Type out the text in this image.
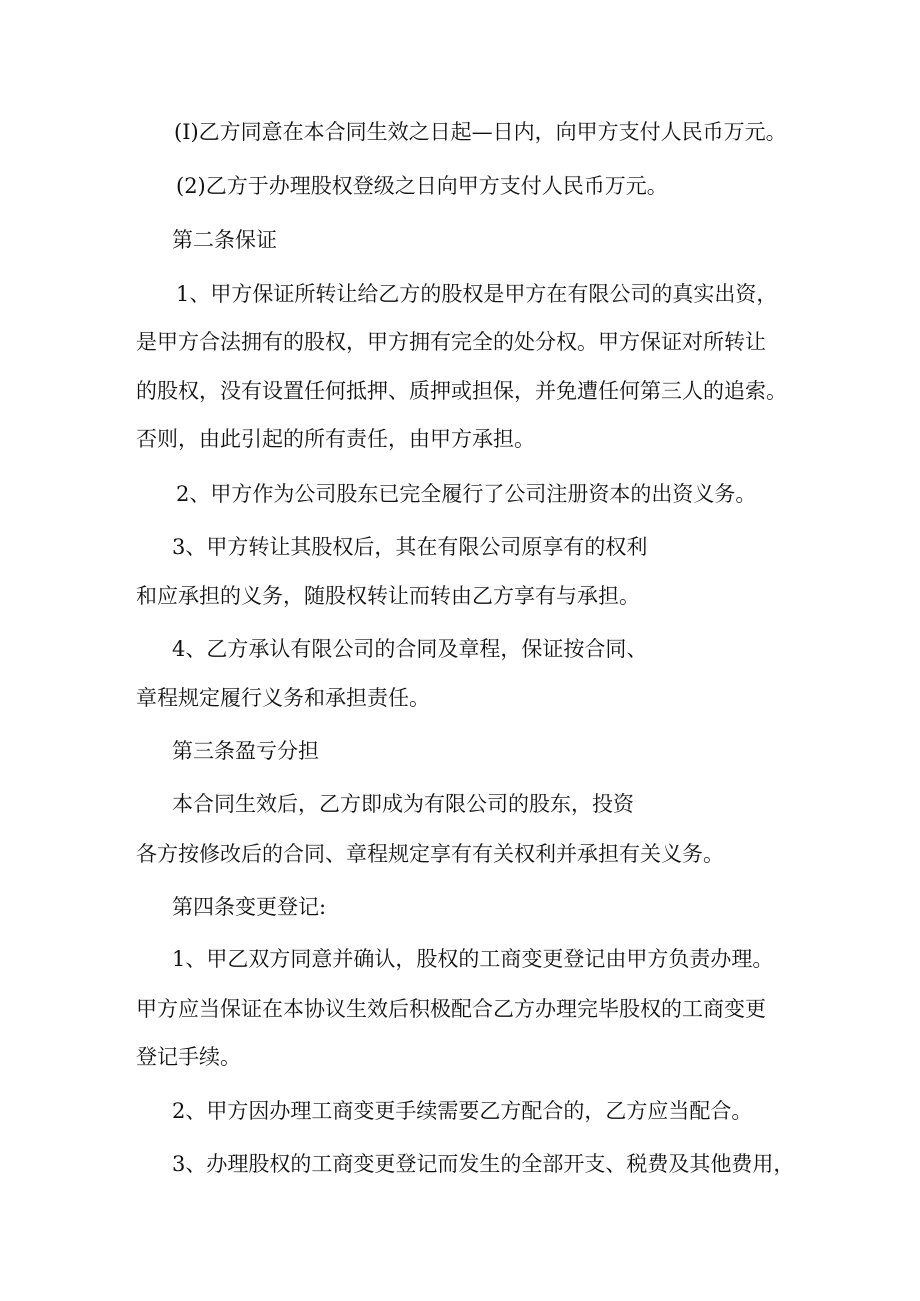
(I)乙方同意在本合同生效之日起—日内，向甲方支付人民币万元。
(2)乙方于办理股权登级之日向甲方支付人民币万元。
第二条保证
1、甲方保证所转让给乙方的股权是甲方在有限公司的真实出资，
是甲方合法拥有的股权，甲方拥有完全的处分权。甲方保证对所转让
的股权，没有设置任何抵押、质押或担保，并免遭任何第三人的追索。
否则，由此引起的所有责任，由甲方承担。
2、甲方作为公司股东已完全履行了公司注册资本的出资义务。
3、甲方转让其股权后，其在有限公司原享有的权利
和应承担的义务，随股权转让而转由乙方享有与承担。
4、乙方承认有限公司的合同及章程，保证按合同、
章程规定履行义务和承担责任。
第三条盈亏分担
本合同生效后，乙方即成为有限公司的股东，投资
各方按修改后的合同、章程规定享有有关权利并承担有关义务。
第四条变更登记:
1、甲乙双方同意并确认，股权的工商变更登记由甲方负责办理。
甲方应当保证在本协议生效后积极配合乙方办理完毕股权的工商变更
登记手续。
2、甲方因办理工商变更手续需要乙方配合的，乙方应当配合。
3、办理股权的工商变更登记而发生的全部开支、税费及其他费用，
